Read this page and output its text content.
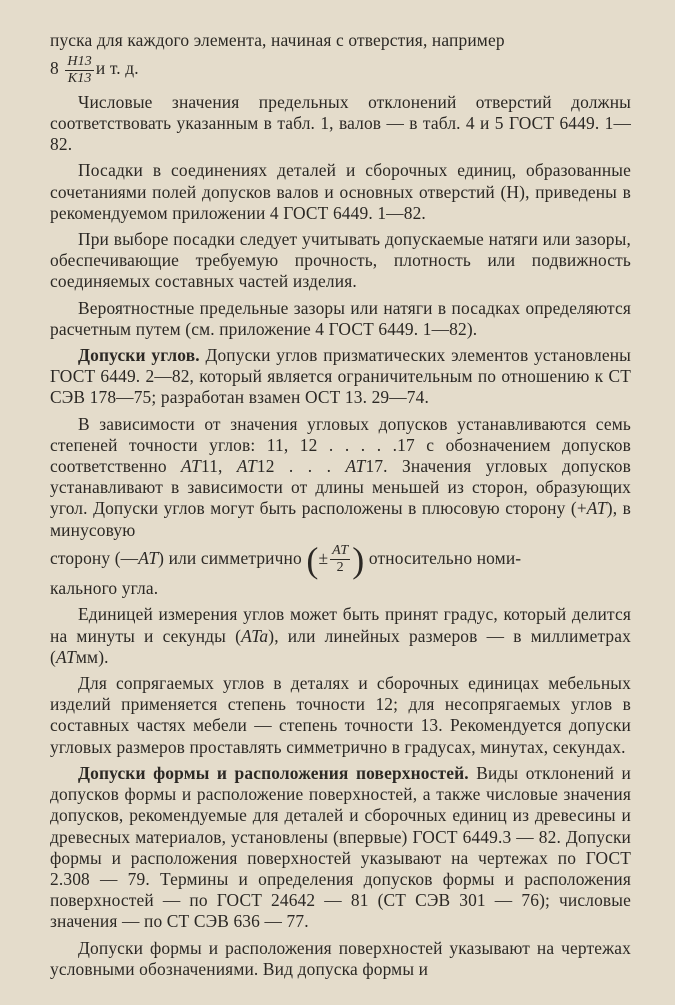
пуска для каждого элемента, начиная с отверстия, например

$8 \frac{H13}{K13}$ и т. д.

Числовые значения предельных отклонений отверстий должны соответствовать указанным в табл. 1, валов — в табл. 4 и 5 ГОСТ 6449. 1—82.

Посадки в соединениях деталей и сборочных единиц, образованные сочетаниями полей допусков валов и основных отверстий (H), приведены в рекомендуемом приложении 4 ГОСТ 6449. 1—82.

При выборе посадки следует учитывать допускаемые натяги или зазоры, обеспечивающие требуемую прочность, плотность или подвижность соединяемых составных частей изделия.

Вероятностные предельные зазоры или натяги в посадках определяются расчетным путем (см. приложение 4 ГОСТ 6449. 1—82).

Допуски углов. Допуски углов призматических элементов установлены ГОСТ 6449. 2—82, который является ограничительным по отношению к СТ СЭВ 178—75; разработан взамен ОСТ 13. 29—74.

В зависимости от значения угловых допусков устанавливаются семь степеней точности углов: 11, 12 . . . . .17 с обозначением допусков соответственно AT11, AT12 . . . AT17. Значения угловых допусков устанавливают в зависимости от длины меньшей из сторон, образующих угол. Допуски углов могут быть расположены в плюсовую сторону (+AT), в минусовую

сторону (—AT) или симметрично (± $\frac{AT}{2}$ ) относительно номи-

кального угла.

Единицей измерения углов может быть принят градус, который делится на минуты и секунды (ATa), или линейных размеров — в миллиметрах (ATмм).

Для сопрягаемых углов в деталях и сборочных единицах мебельных изделий применяется степень точности 12; для несопрягаемых углов в составных частях мебели — степень точности 13. Рекомендуется допуски угловых размеров проставлять симметрично в градусах, минутах, секундах.

Допуски формы и расположения поверхностей. Виды отклонений и допусков формы и расположение поверхностей, а также числовые значения допусков, рекомендуемые для деталей и сборочных единиц из древесины и древесных материалов, установлены (впервые) ГОСТ 6449.3 — 82. Допуски формы и расположения поверхностей указывают на чертежах по ГОСТ 2.308 — 79. Термины и определения допусков формы и расположения поверхностей — по ГОСТ 24642 — 81 (СТ СЭВ 301 — 76); числовые значения — по СТ СЭВ 636 — 77.

Допуски формы и расположения поверхностей указывают на чертежах условными обозначениями. Вид допуска формы и
